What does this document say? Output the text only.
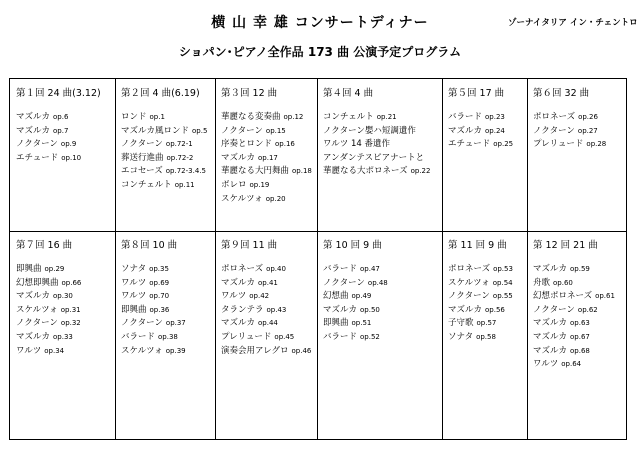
横 山 幸 雄 コンサートディナー	ゾーナイタリア イン・チェントロ
ショパン･ピアノ全作品 173 曲 公演予定プログラム
第１回 24 曲(3.12)
マズルカ op.6
マズルカ op.7
ノクターン op.9
エチュード op.10
第２回 4 曲(6.19)
ロンド op.1
マズルカ風ロンド op.5
ノクターン op.72-1
葬送行進曲 op.72-2
エコセーズ op.72-3.4.5
コンチェルト op.11
第３回 12 曲
華麗なる変奏曲 op.12
ノクターン op.15
序奏とロンド op.16
マズルカ op.17
華麗なる大円舞曲 op.18
ボレロ op.19
スケルツォ op.20
第４回 4 曲
コンチェルト op.21
ノクターン嬰ハ短調遺作
ワルツ 14 番遺作
アンダンテスピアナートと
華麗なる大ポロネーズ op.22
第５回 17 曲
バラード op.23
マズルカ op.24
エチュード op.25
第６回 32 曲
ポロネーズ op.26
ノクターン op.27
プレリュード op.28
第７回 16 曲
即興曲 op.29
幻想即興曲 op.66
マズルカ op.30
スケルツォ op.31
ノクターン op.32
マズルカ op.33
ワルツ op.34
第８回 10 曲
ソナタ op.35
ワルツ op.69
ワルツ op.70
即興曲 op.36
ノクターン op.37
バラード op.38
スケルツォ op.39
第９回 11 曲
ポロネーズ op.40
マズルカ op.41
ワルツ op.42
タランテラ op.43
マズルカ op.44
プレリュード op.45
演奏会用アレグロ op.46
第 10 回 9 曲
バラード op.47
ノクターン op.48
幻想曲 op.49
マズルカ op.50
即興曲 op.51
バラード op.52
第 11 回 9 曲
ポロネーズ op.53
スケルツォ op.54
ノクターン op.55
マズルカ op.56
子守歌 op.57
ソナタ op.58
第 12 回 21 曲
マズルカ op.59
舟歌 op.60
幻想ポロネーズ op.61
ノクターン op.62
マズルカ op.63
マズルカ op.67
マズルカ op.68
ワルツ op.64
